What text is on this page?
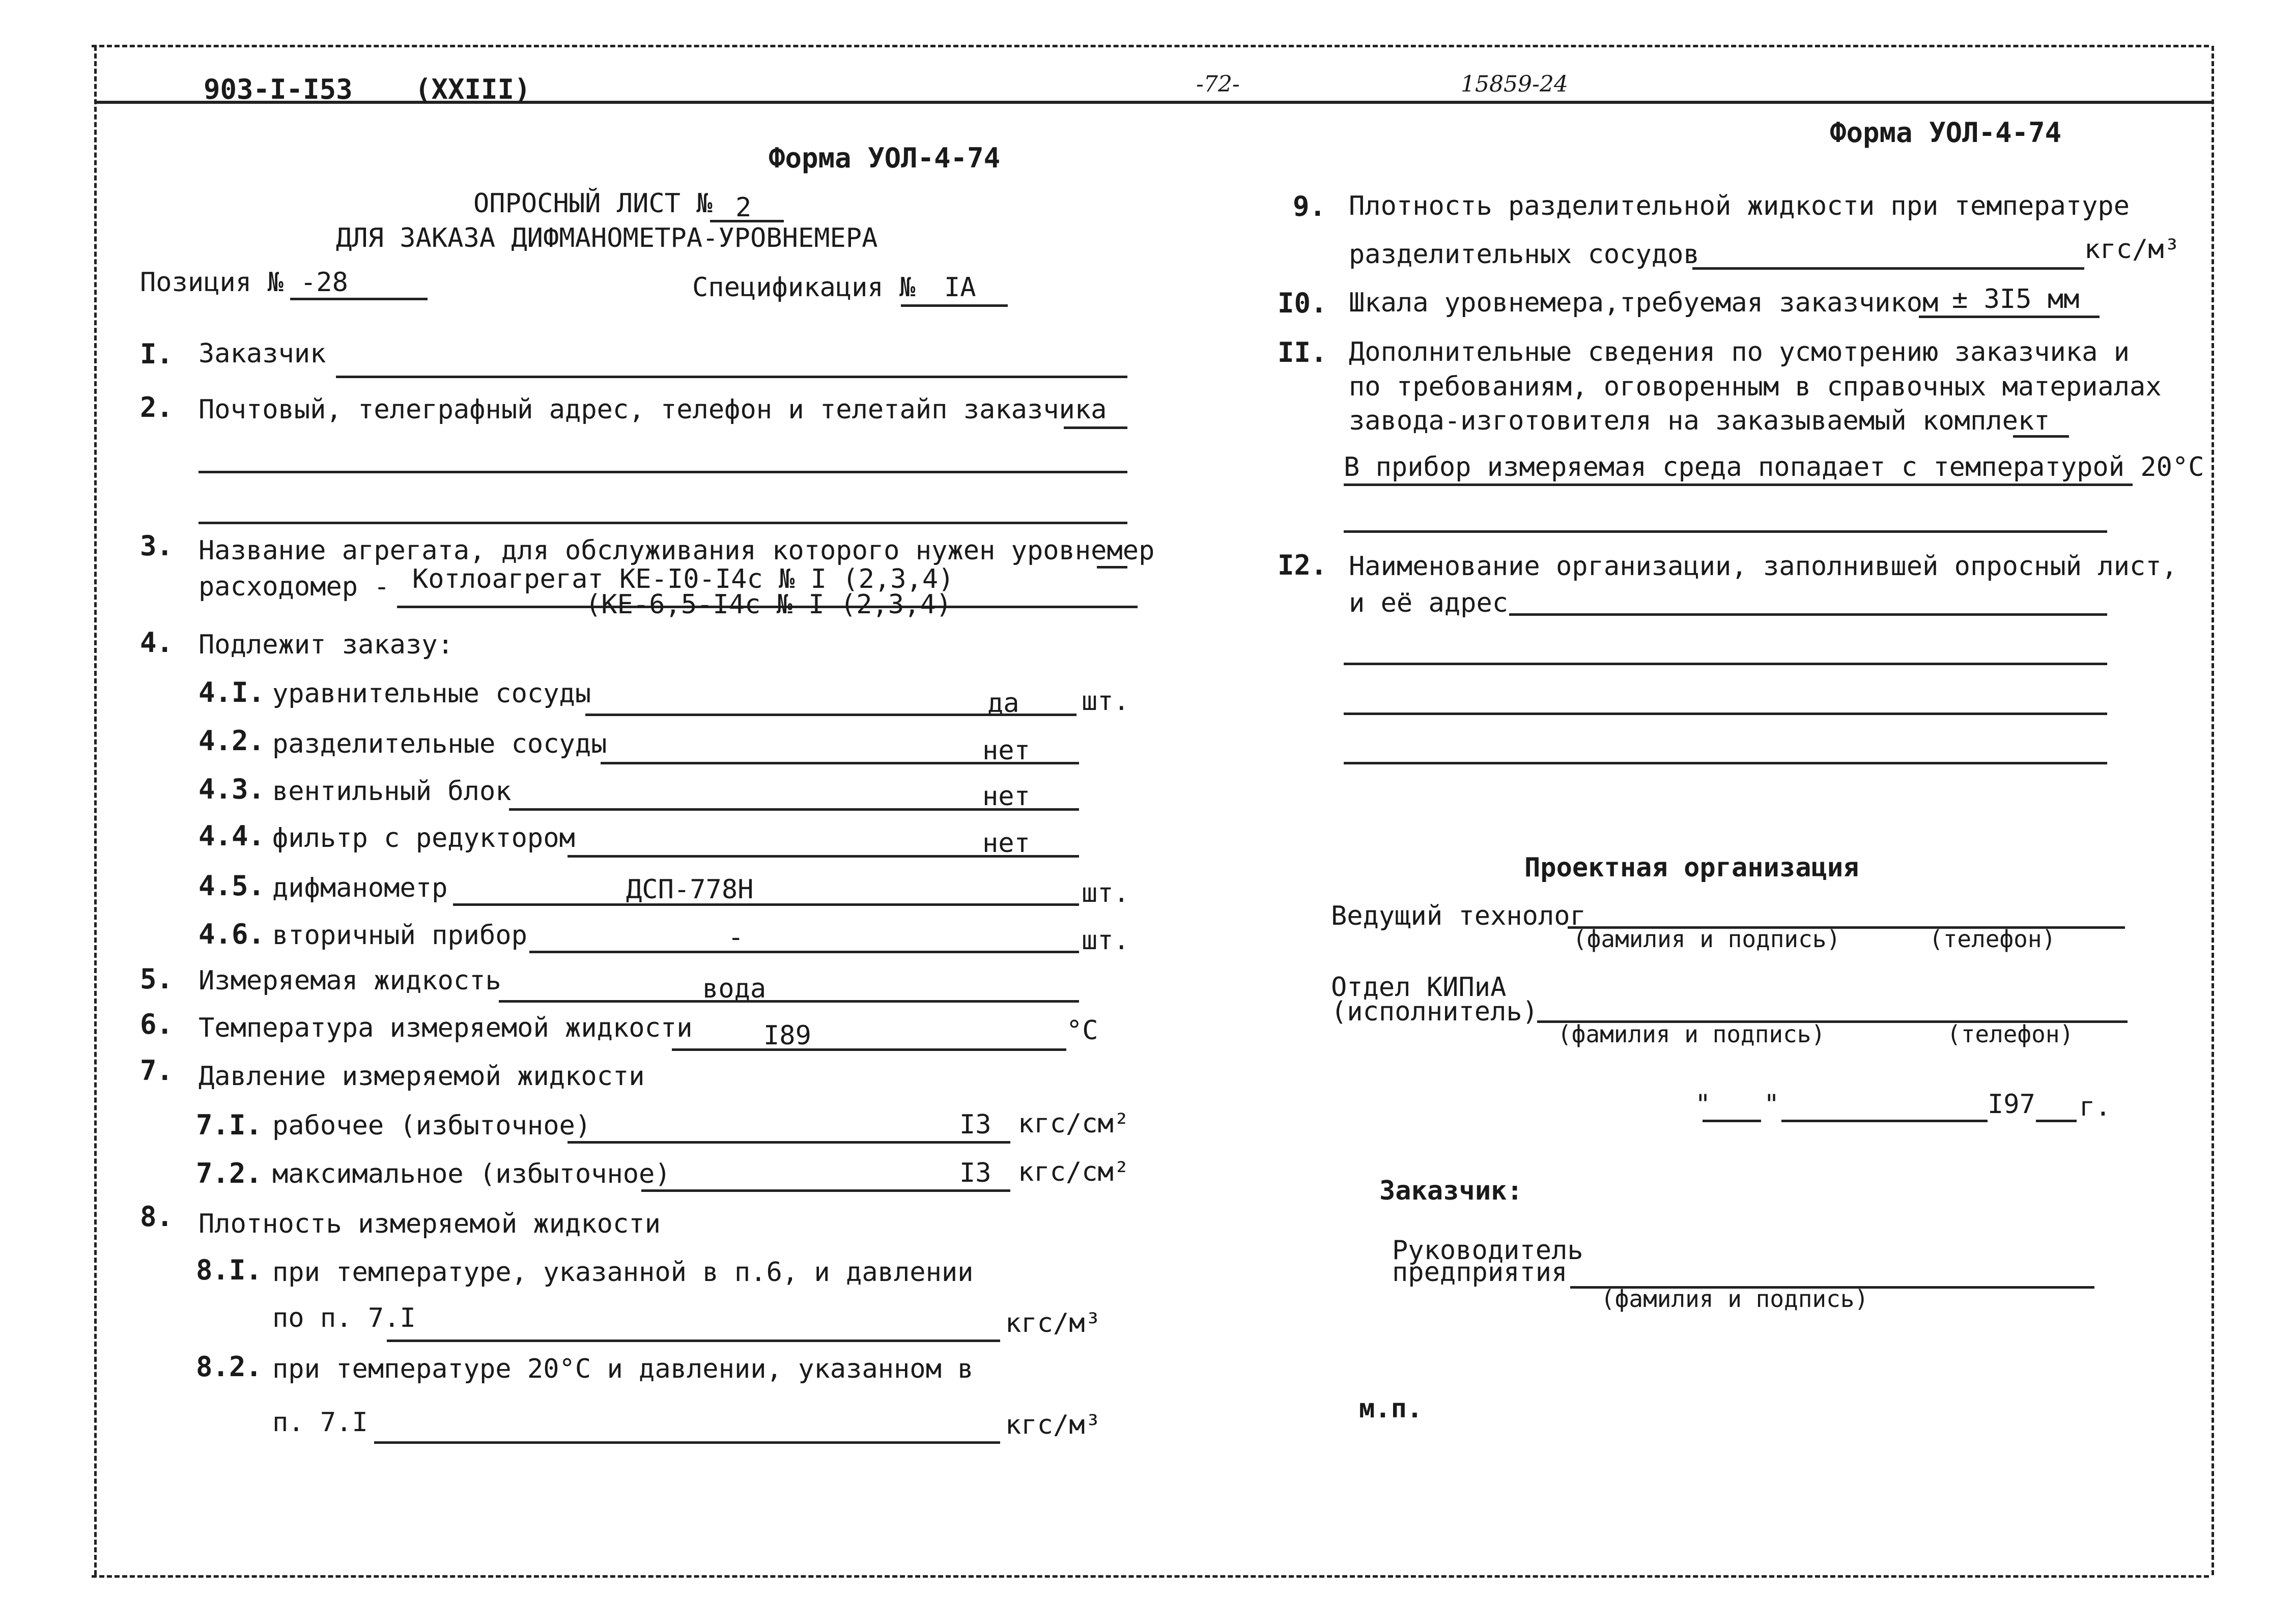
903-I-I53 (XXIII)	-72-	15859-24
Форма УОЛ-4-74
ОПРОСНЫЙ ЛИСТ № 2
ДЛЯ ЗАКАЗА ДИФМАНОМЕТРА-УРОВНЕМЕРА
Позиция № -28	Спецификация № IA
I. Заказчик
2. Почтовый, телеграфный адрес, телефон и телетайп заказчика
3. Название агрегата, для обслуживания которого нужен уровнемер
расходомер - Котлоагрегат КЕ-I0-I4с № I (2,3,4)
(КЕ-6,5-I4с № I (2,3,4)
4. Подлежит заказу:
4.I. уравнительные сосуды	да шт.
4.2. разделительные сосуды	нет
4.3. вентильный блок	нет
4.4. фильтр с редуктором	нет
4.5. дифманометр	ДСП-778Н	шт.
4.6. вторичный прибор	-	шт.
5. Измеряемая жидкость	вода
6. Температура измеряемой жидкости	I89	°С
7. Давление измеряемой жидкости
7.I. рабочее (избыточное)	I3 кгс/см²
7.2. максимальное (избыточное)	I3 кгс/см²
8. Плотность измеряемой жидкости
8.I. при температуре, указанной в п.6, и давлении
по п. 7.I	кгс/м³
8.2. при температуре 20°С и давлении, указанном в
п. 7.I	кгс/м³
Форма УОЛ-4-74
9. Плотность разделительной жидкости при температуре
разделительных сосудов	кгс/м³
I0. Шкала уровнемера,требуемая заказчиком ± 3I5 мм
II. Дополнительные сведения по усмотрению заказчика и
по требованиям, оговоренным в справочных материалах
завода-изготовителя на заказываемый комплект
В прибор измеряемая среда попадает с температурой 20°С
I2. Наименование организации, заполнившей опросный лист,
и её адрес
Проектная организация
Ведущий технолог
(фамилия и подпись)	(телефон)
Отдел КИПиА
(исполнитель)
(фамилия и подпись)	(телефон)
" "	I97 г.
Заказчик:
Руководитель
предприятия
(фамилия и подпись)
м.п.
